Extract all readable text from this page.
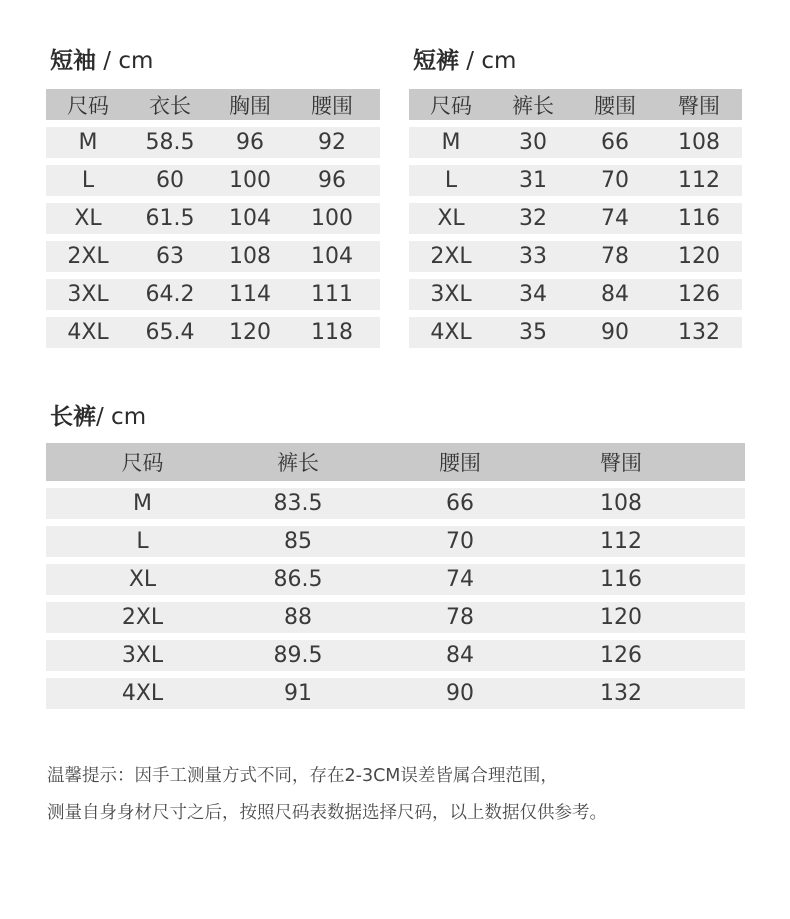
短袖 / cm
尺码	衣长	胸围	腰围
M	58.5	96	92
L	60	100	96
XL	61.5	104	100
2XL	63	108	104
3XL	64.2	114	111
4XL	65.4	120	118
短裤 / cm
尺码	裤长	腰围	臀围
M	30	66	108
L	31	70	112
XL	32	74	116
2XL	33	78	120
3XL	34	84	126
4XL	35	90	132
长裤/ cm
尺码	裤长	腰围	臀围
M	83.5	66	108
L	85	70	112
XL	86.5	74	116
2XL	88	78	120
3XL	89.5	84	126
4XL	91	90	132
温馨提示：因手工测量方式不同，存在2-3CM误差皆属合理范围，
测量自身身材尺寸之后，按照尺码表数据选择尺码，以上数据仅供参考。
